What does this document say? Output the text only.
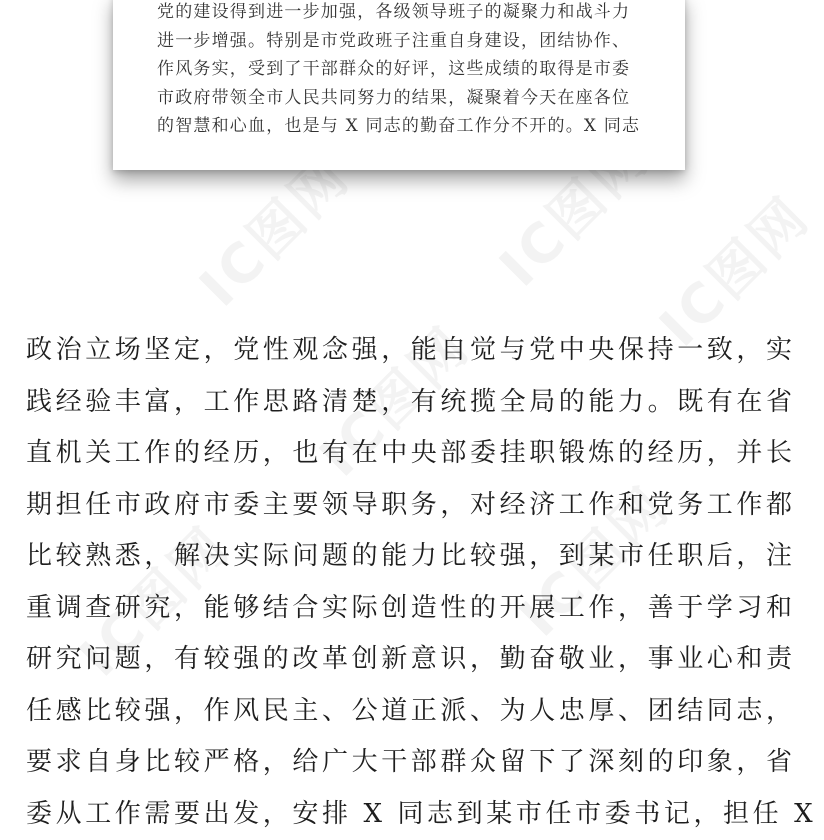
IC图网 IC图网
IC图网
IC图网
IC图网
IC图网
党的建设得到进一步加强，各级领导班子的凝聚力和战斗力
进一步增强。特别是市党政班子注重自身建设，团结协作、
作风务实，受到了干部群众的好评，这些成绩的取得是市委
市政府带领全市人民共同努力的结果，凝聚着今天在座各位
的智慧和心血，也是与 X 同志的勤奋工作分不开的。X 同志
政治立场坚定，党性观念强，能自觉与党中央保持一致，实
践经验丰富，工作思路清楚，有统揽全局的能力。既有在省
直机关工作的经历，也有在中央部委挂职锻炼的经历，并长
期担任市政府市委主要领导职务，对经济工作和党务工作都
比较熟悉，解决实际问题的能力比较强，到某市任职后，注
重调查研究，能够结合实际创造性的开展工作，善于学习和
研究问题，有较强的改革创新意识，勤奋敬业，事业心和责
任感比较强，作风民主、公道正派、为人忠厚、团结同志，
要求自身比较严格，给广大干部群众留下了深刻的印象，省
委从工作需要出发，安排 X 同志到某市任市委书记，担任 X
